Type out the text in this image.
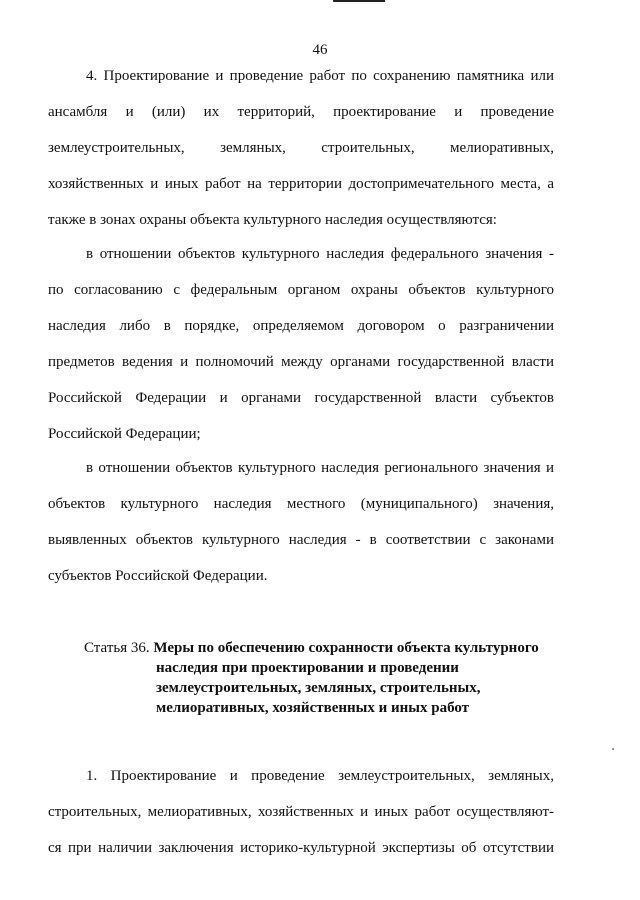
46
4. Проектирование и проведение работ по сохранению памятника или
ансамбля и (или) их территорий, проектирование и проведение
землеустроительных, земляных, строительных, мелиоративных,
хозяйственных и иных работ на территории достопримечательного места, а
также в зонах охраны объекта культурного наследия осуществляются:
в отношении объектов культурного наследия федерального значения -
по согласованию с федеральным органом охраны объектов культурного
наследия либо в порядке, определяемом договором о разграничении
предметов ведения и полномочий между органами государственной власти
Российской Федерации и органами государственной власти субъектов
Российской Федерации;
в отношении объектов культурного наследия регионального значения и
объектов культурного наследия местного (муниципального) значения,
выявленных объектов культурного наследия - в соответствии с законами
субъектов Российской Федерации.
Статья 36. Меры по обеспечению сохранности объекта культурного
наследия при проектировании и проведении
землеустроительных, земляных, строительных,
мелиоративных, хозяйственных и иных работ
1. Проектирование и проведение землеустроительных, земляных,
строительных, мелиоративных, хозяйственных и иных работ осуществляют-
ся при наличии заключения историко-культурной экспертизы об отсутствии
